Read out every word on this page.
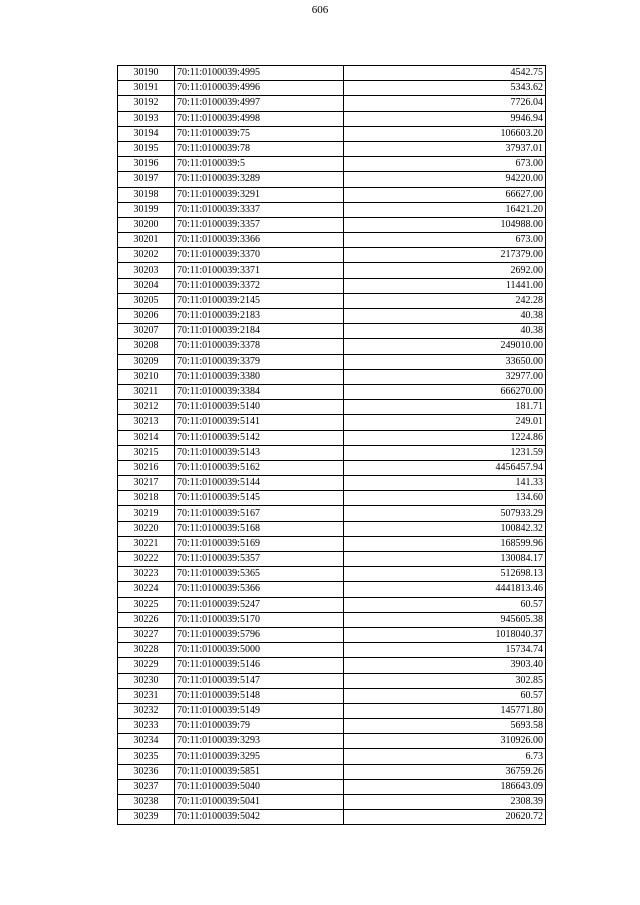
606
30190	70:11:0100039:4995	4542.75
30191	70:11:0100039:4996	5343.62
30192	70:11:0100039:4997	7726.04
30193	70:11:0100039:4998	9946.94
30194	70:11:0100039:75	106603.20
30195	70:11:0100039:78	37937.01
30196	70:11:0100039:5	673.00
30197	70:11:0100039:3289	94220.00
30198	70:11:0100039:3291	66627.00
30199	70:11:0100039:3337	16421.20
30200	70:11:0100039:3357	104988.00
30201	70:11:0100039:3366	673.00
30202	70:11:0100039:3370	217379.00
30203	70:11:0100039:3371	2692.00
30204	70:11:0100039:3372	11441.00
30205	70:11:0100039:2145	242.28
30206	70:11:0100039:2183	40.38
30207	70:11:0100039:2184	40.38
30208	70:11:0100039:3378	249010.00
30209	70:11:0100039:3379	33650.00
30210	70:11:0100039:3380	32977.00
30211	70:11:0100039:3384	666270.00
30212	70:11:0100039:5140	181.71
30213	70:11:0100039:5141	249.01
30214	70:11:0100039:5142	1224.86
30215	70:11:0100039:5143	1231.59
30216	70:11:0100039:5162	4456457.94
30217	70:11:0100039:5144	141.33
30218	70:11:0100039:5145	134.60
30219	70:11:0100039:5167	507933.29
30220	70:11:0100039:5168	100842.32
30221	70:11:0100039:5169	168599.96
30222	70:11:0100039:5357	130084.17
30223	70:11:0100039:5365	512698.13
30224	70:11:0100039:5366	4441813.46
30225	70:11:0100039:5247	60.57
30226	70:11:0100039:5170	945605.38
30227	70:11:0100039:5796	1018040.37
30228	70:11:0100039:5000	15734.74
30229	70:11:0100039:5146	3903.40
30230	70:11:0100039:5147	302.85
30231	70:11:0100039:5148	60.57
30232	70:11:0100039:5149	145771.80
30233	70:11:0100039:79	5693.58
30234	70:11:0100039:3293	310926.00
30235	70:11:0100039:3295	6.73
30236	70:11:0100039:5851	36759.26
30237	70:11:0100039:5040	186643.09
30238	70:11:0100039:5041	2308.39
30239	70:11:0100039:5042	20620.72
